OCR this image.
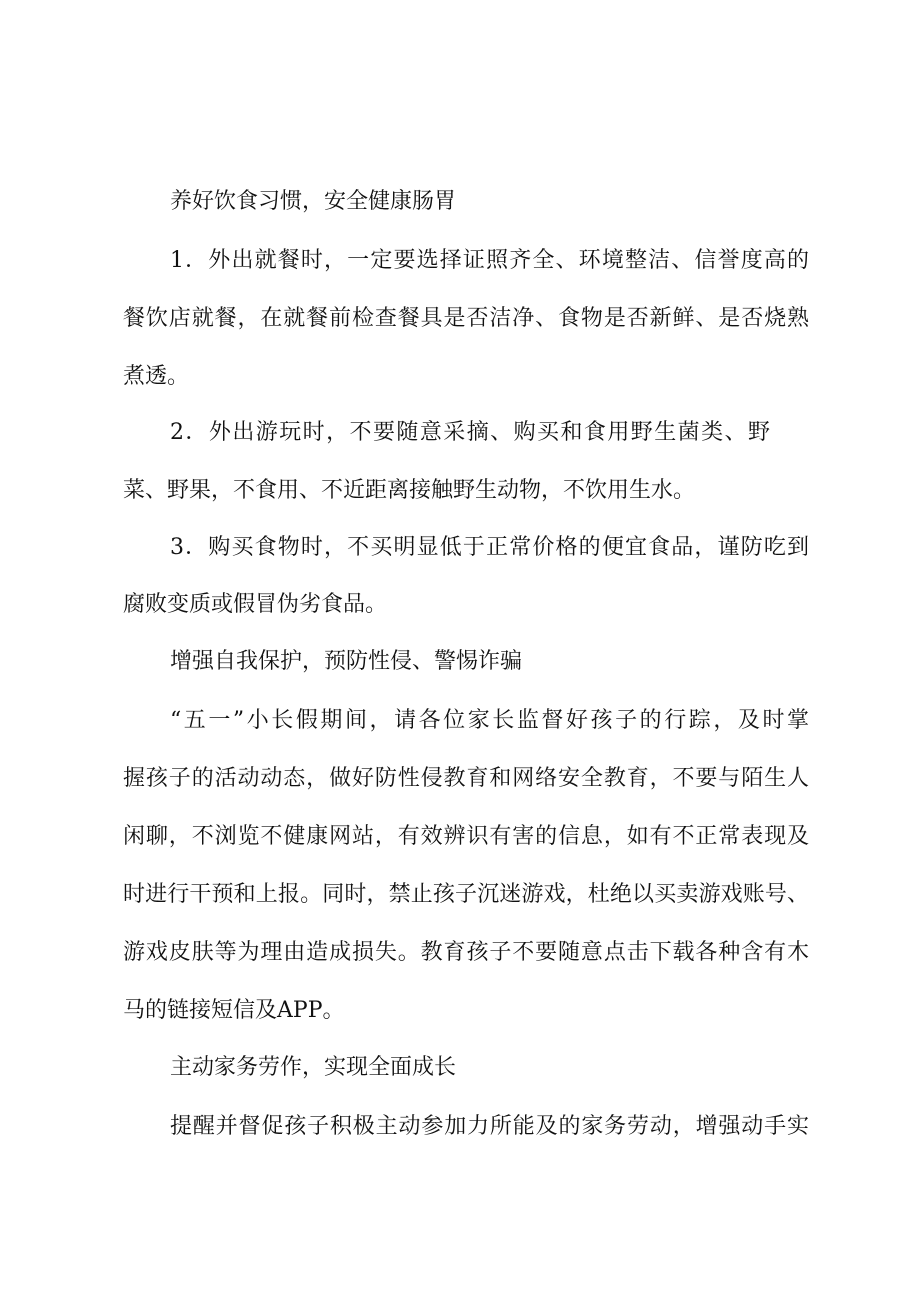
养好饮食习惯，安全健康肠胃
1．外出就餐时，一定要选择证照齐全、环境整洁、信誉度高的
餐饮店就餐，在就餐前检查餐具是否洁净、食物是否新鲜、是否烧熟
煮透。
2．外出游玩时，不要随意采摘、购买和食用野生菌类、野
菜、野果，不食用、不近距离接触野生动物，不饮用生水。
3．购买食物时，不买明显低于正常价格的便宜食品，谨防吃到
腐败变质或假冒伪劣食品。
增强自我保护，预防性侵、警惕诈骗
“五一”小长假期间，请各位家长监督好孩子的行踪，及时掌
握孩子的活动动态，做好防性侵教育和网络安全教育，不要与陌生人
闲聊，不浏览不健康网站，有效辨识有害的信息，如有不正常表现及
时进行干预和上报。同时，禁止孩子沉迷游戏，杜绝以买卖游戏账号、
游戏皮肤等为理由造成损失。教育孩子不要随意点击下载各种含有木
马的链接短信及APP。
主动家务劳作，实现全面成长
提醒并督促孩子积极主动参加力所能及的家务劳动，增强动手实
